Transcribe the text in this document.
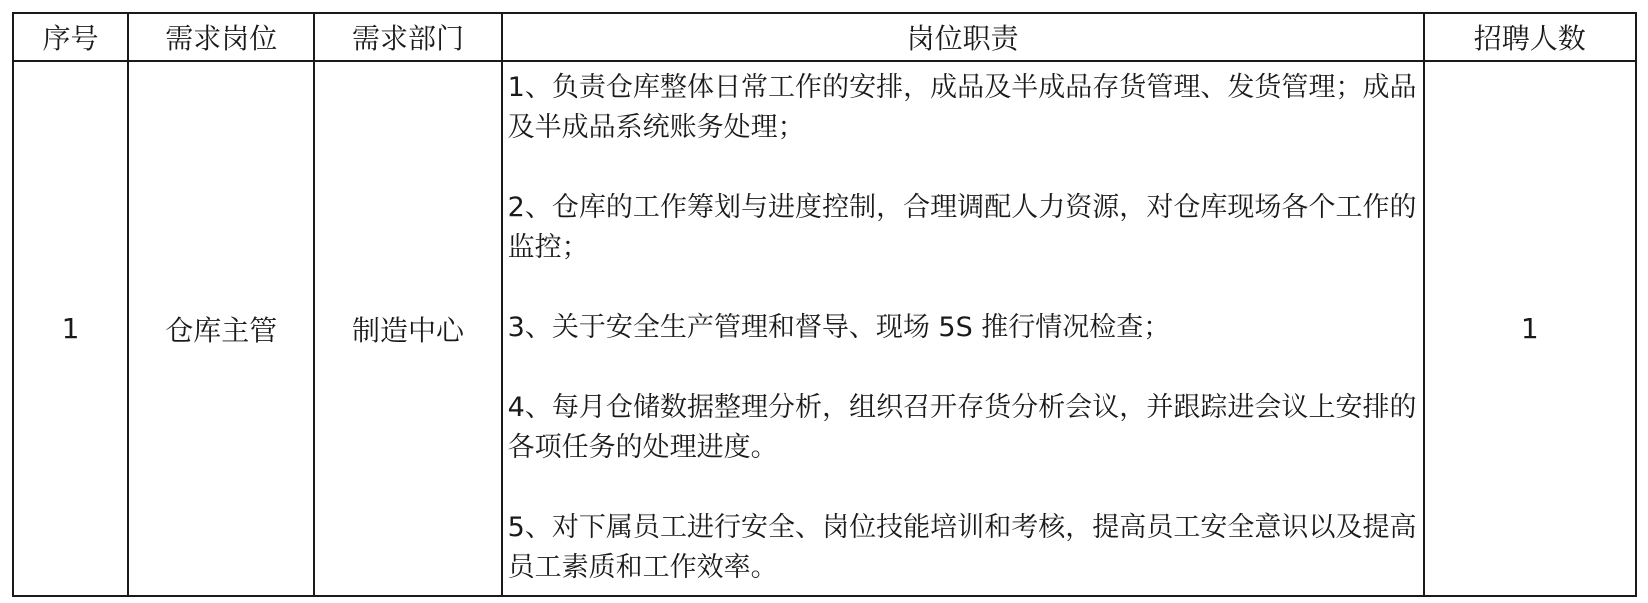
序号	需求岗位	需求部门	岗位职责	招聘人数
1	仓库主管	制造中心	1、负责仓库整体日常工作的安排，成品及半成品存货管理、发货管理；成品及半成品系统账务处理；
2、仓库的工作筹划与进度控制，合理调配人力资源，对仓库现场各个工作的监控；
3、关于安全生产管理和督导、现场 5S 推行情况检查；
4、每月仓储数据整理分析，组织召开存货分析会议，并跟踪进会议上安排的各项任务的处理进度。
5、对下属员工进行安全、岗位技能培训和考核，提高员工安全意识以及提高员工素质和工作效率。	1
